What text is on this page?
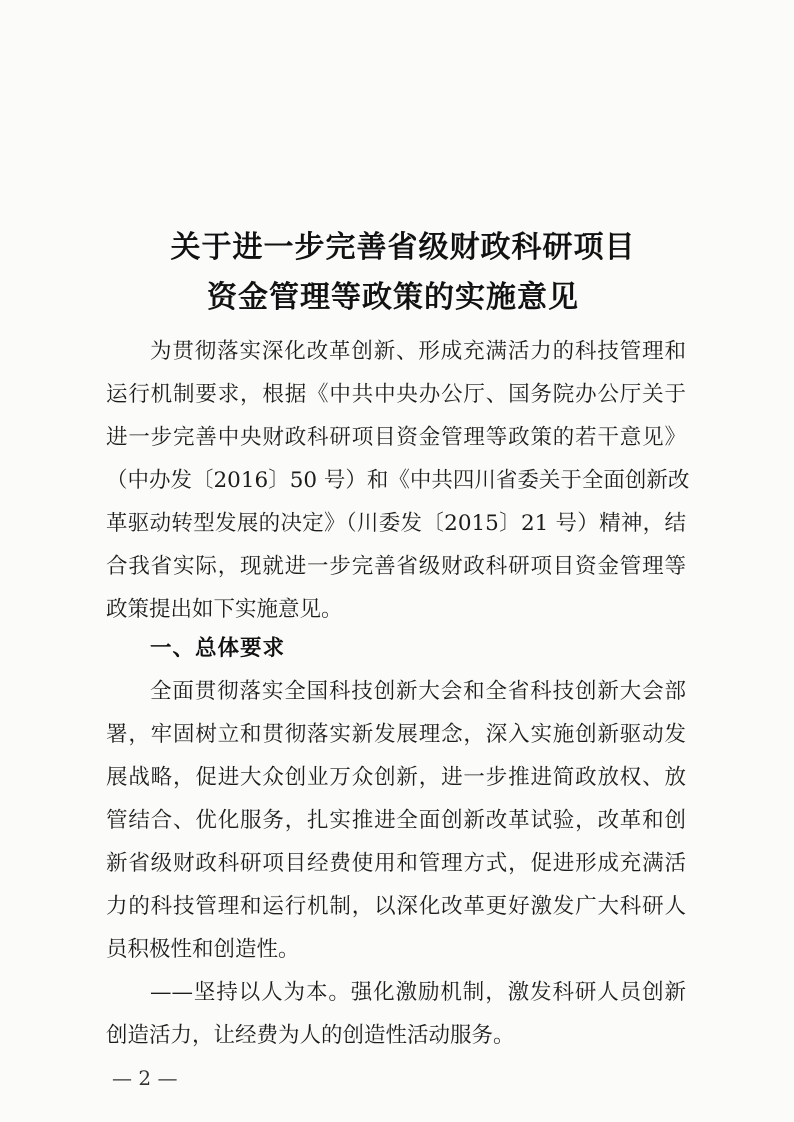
关于进一步完善省级财政科研项目
资金管理等政策的实施意见
为贯彻落实深化改革创新、形成充满活力的科技管理和
运行机制要求，根据《中共中央办公厅、国务院办公厅关于
进一步完善中央财政科研项目资金管理等政策的若干意见》
（中办发〔2016〕50 号）和《中共四川省委关于全面创新改
革驱动转型发展的决定》（川委发〔2015〕21 号）精神，结
合我省实际，现就进一步完善省级财政科研项目资金管理等
政策提出如下实施意见。
一、总体要求
全面贯彻落实全国科技创新大会和全省科技创新大会部
署，牢固树立和贯彻落实新发展理念，深入实施创新驱动发
展战略，促进大众创业万众创新，进一步推进简政放权、放
管结合、优化服务，扎实推进全面创新改革试验，改革和创
新省级财政科研项目经费使用和管理方式，促进形成充满活
力的科技管理和运行机制，以深化改革更好激发广大科研人
员积极性和创造性。
——坚持以人为本。强化激励机制，激发科研人员创新
创造活力，让经费为人的创造性活动服务。
— 2 —
